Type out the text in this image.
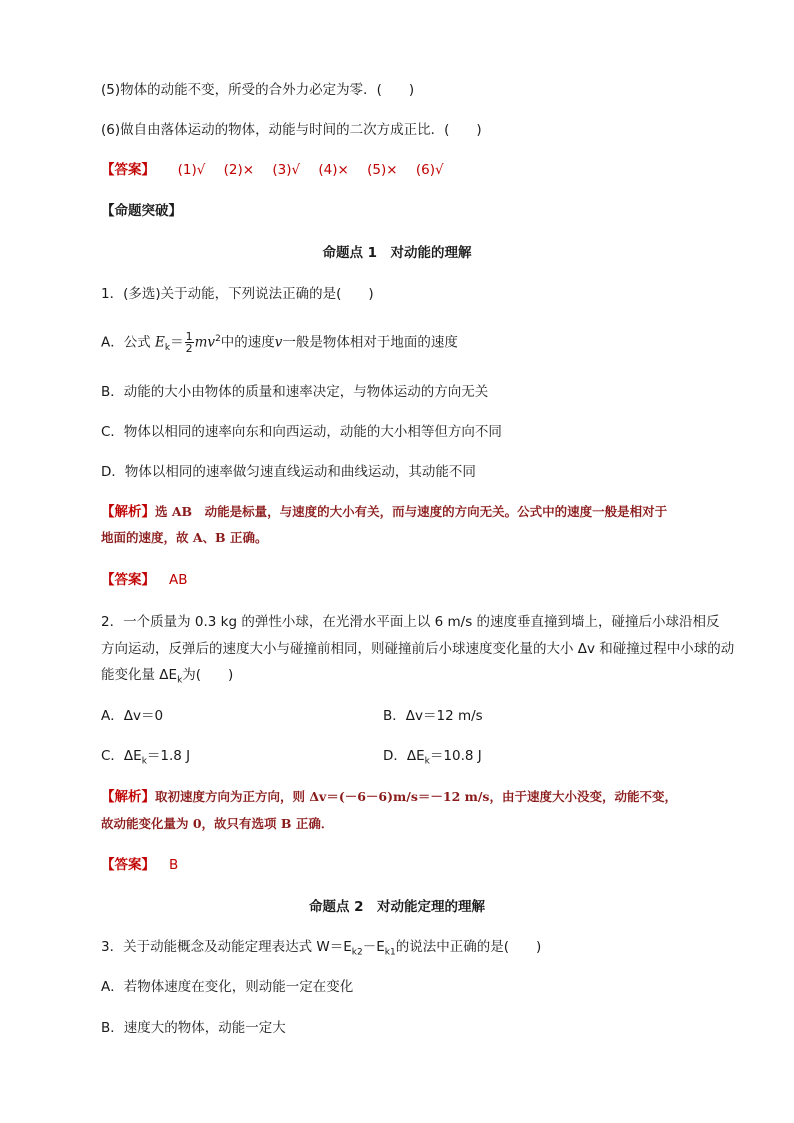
(5)物体的动能不变，所受的合外力必定为零．(　　)
(6)做自由落体运动的物体，动能与时间的二次方成正比．(　　)
【答案】 (1)√ (2)× (3)√ (4)× (5)× (6)√
【命题突破】
命题点 1　对动能的理解
1．(多选)关于动能，下列说法正确的是(　　)
A．公式 $E_k= \frac{1}{2} mv^2$中的速度v一般是物体相对于地面的速度
B．动能的大小由物体的质量和速率决定，与物体运动的方向无关
C．物体以相同的速率向东和向西运动，动能的大小相等但方向不同
D．物体以相同的速率做匀速直线运动和曲线运动，其动能不同
【解析】选 AB　动能是标量，与速度的大小有关，而与速度的方向无关。公式中的速度一般是相对于
地面的速度，故 A、B 正确。
【答案】 AB
2．一个质量为 0.3 kg 的弹性小球，在光滑水平面上以 6 m/s 的速度垂直撞到墙上，碰撞后小球沿相反
方向运动，反弹后的速度大小与碰撞前相同，则碰撞前后小球速度变化量的大小 Δv 和碰撞过程中小球的动
能变化量 $\Delta E_k$为(　　)
A．Δv＝0	B．Δv＝12 m/s
C．$\Delta E_k=1.8$ J	D．$\Delta E_k=10.8$ J
【解析】取初速度方向为正方向，则 Δv＝(－6－6)m/s＝－12 m/s，由于速度大小没变，动能不变，
故动能变化量为 0，故只有选项 B 正确．
【答案】 B
命题点 2　对动能定理的理解
3．关于动能概念及动能定理表达式 $W=E_{k2}-E_{k1}$的说法中正确的是(　　)
A．若物体速度在变化，则动能一定在变化
B．速度大的物体，动能一定大
